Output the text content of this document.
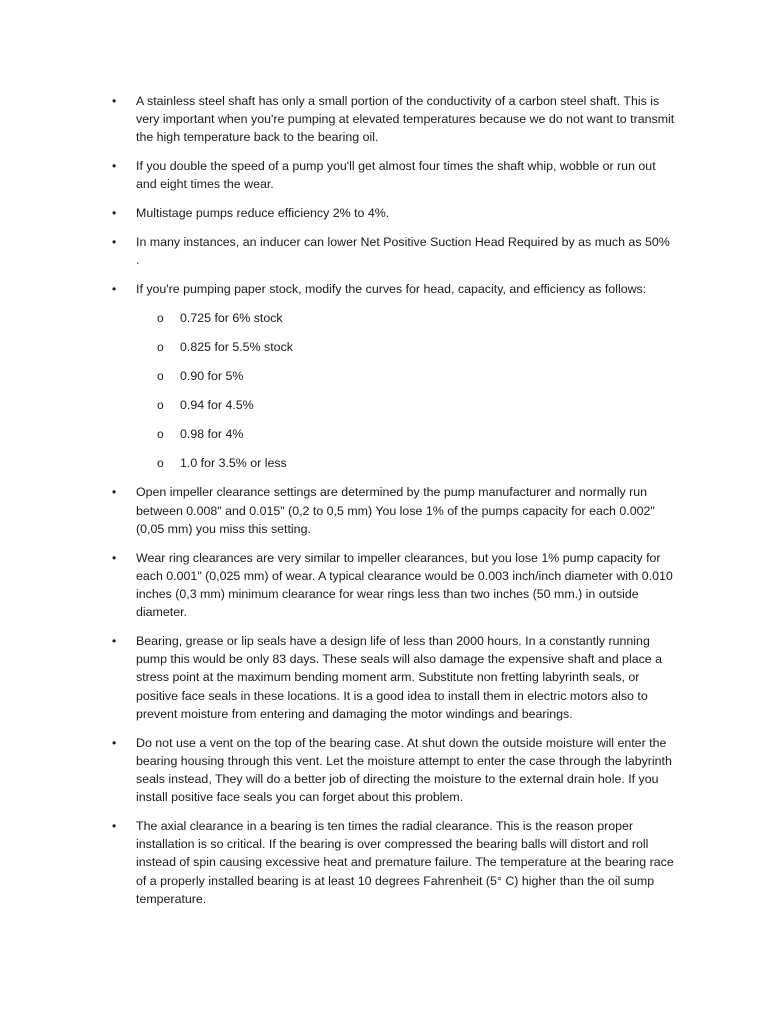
• A stainless steel shaft has only a small portion of the conductivity of a carbon steel shaft. This is very important when you're pumping at elevated temperatures because we do not want to transmit the high temperature back to the bearing oil.
• If you double the speed of a pump you'll get almost four times the shaft whip, wobble or run out and eight times the wear.
• Multistage pumps reduce efficiency 2% to 4%.
• In many instances, an inducer can lower Net Positive Suction Head Required by as much as 50% .
• If you're pumping paper stock, modify the curves for head, capacity, and efficiency as follows:
o 0.725 for 6% stock
o 0.825 for 5.5% stock
o 0.90 for 5%
o 0.94 for 4.5%
o 0.98 for 4%
o 1.0 for 3.5% or less
• Open impeller clearance settings are determined by the pump manufacturer and normally run between 0.008" and 0.015" (0,2 to 0,5 mm) You lose 1% of the pumps capacity for each 0.002" (0,05 mm) you miss this setting.
• Wear ring clearances are very similar to impeller clearances, but you lose 1% pump capacity for each 0.001" (0,025 mm) of wear. A typical clearance would be 0.003 inch/inch diameter with 0.010 inches (0,3 mm) minimum clearance for wear rings less than two inches (50 mm.) in outside diameter.
• Bearing, grease or lip seals have a design life of less than 2000 hours. In a constantly running pump this would be only 83 days. These seals will also damage the expensive shaft and place a stress point at the maximum bending moment arm. Substitute non fretting labyrinth seals, or positive face seals in these locations. It is a good idea to install them in electric motors also to prevent moisture from entering and damaging the motor windings and bearings.
• Do not use a vent on the top of the bearing case. At shut down the outside moisture will enter the bearing housing through this vent. Let the moisture attempt to enter the case through the labyrinth seals instead, They will do a better job of directing the moisture to the external drain hole. If you install positive face seals you can forget about this problem.
• The axial clearance in a bearing is ten times the radial clearance. This is the reason proper installation is so critical. If the bearing is over compressed the bearing balls will distort and roll instead of spin causing excessive heat and premature failure. The temperature at the bearing race of a properly installed bearing is at least 10 degrees Fahrenheit (5° C) higher than the oil sump temperature.
